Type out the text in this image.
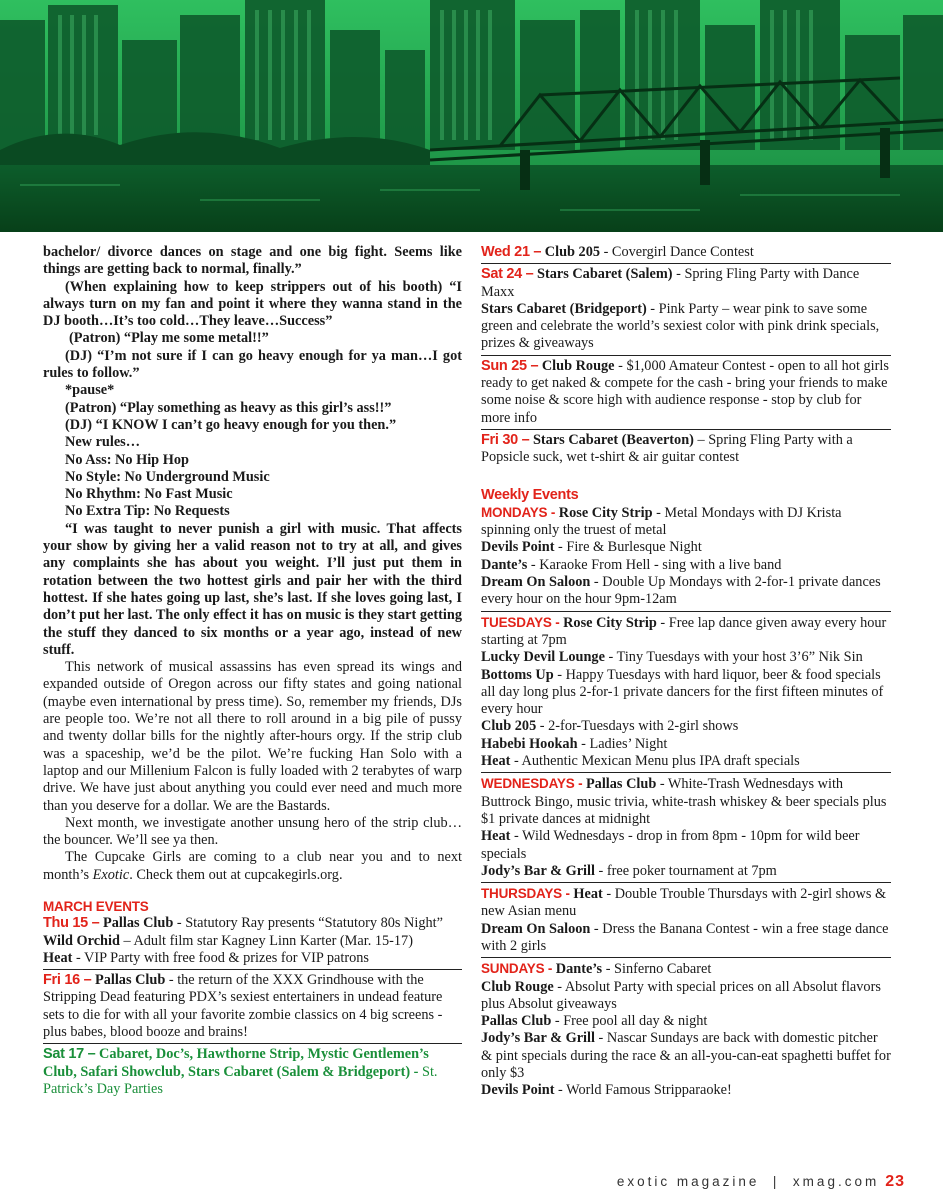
bachelor/ divorce dances on stage and one big fight. Seems like things are getting back to normal, finally.”

(When explaining how to keep strippers out of his booth) “I always turn on my fan and point it where they wanna stand in the DJ booth…It’s too cold…They leave…Success”

(Patron) “Play me some metal!!”

(DJ) “I’m not sure if I can go heavy enough for ya man…I got rules to follow.”

*pause*

(Patron) “Play something as heavy as this girl’s ass!!”

(DJ) “I KNOW I can’t go heavy enough for you then.”

New rules…

No Ass: No Hip Hop

No Style: No Underground Music

No Rhythm: No Fast Music

No Extra Tip: No Requests

“I was taught to never punish a girl with music. That affects your show by giving her a valid reason not to try at all, and gives any complaints she has about you weight. I’ll just put them in rotation between the two hottest girls and pair her with the third hottest. If she hates going up last, she’s last. If she loves going last, I don’t put her last. The only effect it has on music is they start getting the stuff they danced to six months or a year ago, instead of new stuff.

This network of musical assassins has even spread its wings and expanded outside of Oregon across our fifty states and going national (maybe even international by press time). So, remember my friends, DJs are people too. We’re not all there to roll around in a big pile of pussy and twenty dollar bills for the nightly after-hours orgy. If the strip club was a spaceship, we’d be the pilot. We’re fucking Han Solo with a laptop and our Millenium Falcon is fully loaded with 2 terabytes of warp drive. We have just about anything you could ever need and much more than you deserve for a dollar. We are the Bastards.

Next month, we investigate another unsung hero of the strip club…the bouncer. We’ll see ya then.

The Cupcake Girls are coming to a club near you and to next month’s Exotic. Check them out at cupcakegirls.org.

MARCH EVENTS

Thu 15 – Pallas Club - Statutory Ray presents “Statutory 80s Night”

Wild Orchid – Adult film star Kagney Linn Karter (Mar. 15-17)

Heat - VIP Party with free food & prizes for VIP patrons

Fri 16 – Pallas Club - the return of the XXX Grindhouse with the Stripping Dead featuring PDX’s sexiest entertainers in undead feature sets to die for with all your favorite zombie classics on 4 big screens - plus babes, blood booze and brains!

Sat 17 – Cabaret, Doc’s, Hawthorne Strip, Mystic Gentlemen’s Club, Safari Showclub, Stars Cabaret (Salem & Bridgeport) - St. Patrick’s Day Parties

Wed 21 – Club 205 - Covergirl Dance Contest

Sat 24 – Stars Cabaret (Salem) - Spring Fling Party with Dance Maxx

Stars Cabaret (Bridgeport) - Pink Party – wear pink to save some green and celebrate the world’s sexiest color with pink drink specials, prizes & giveaways

Sun 25 – Club Rouge - $1,000 Amateur Contest - open to all hot girls ready to get naked & compete for the cash - bring your friends to make some noise & score high with audience response - stop by club for more info

Fri 30 – Stars Cabaret (Beaverton) – Spring Fling Party with a Popsicle suck, wet t-shirt & air guitar contest

Weekly Events

MONDAYS - Rose City Strip - Metal Mondays with DJ Krista spinning only the truest of metal

Devils Point - Fire & Burlesque Night

Dante’s - Karaoke From Hell - sing with a live band

Dream On Saloon - Double Up Mondays with 2-for-1 private dances every hour on the hour 9pm-12am

TUESDAYS - Rose City Strip - Free lap dance given away every hour starting at 7pm

Lucky Devil Lounge - Tiny Tuesdays with your host 3’6” Nik Sin

Bottoms Up - Happy Tuesdays with hard liquor, beer & food specials all day long plus 2-for-1 private dancers for the first fifteen minutes of every hour

Club 205 - 2-for-Tuesdays with 2-girl shows

Habebi Hookah - Ladies’ Night

Heat - Authentic Mexican Menu plus IPA draft specials

WEDNESDAYS - Pallas Club - White-Trash Wednesdays with Buttrock Bingo, music trivia, white-trash whiskey & beer specials plus $1 private dances at midnight

Heat - Wild Wednesdays - drop in from 8pm - 10pm for wild beer specials

Jody’s Bar & Grill - free poker tournament at 7pm

THURSDAYS - Heat - Double Trouble Thursdays with 2-girl shows & new Asian menu

Dream On Saloon - Dress the Banana Contest - win a free stage dance with 2 girls

SUNDAYS - Dante’s - Sinferno Cabaret

Club Rouge - Absolut Party with special prices on all Absolut flavors plus Absolut giveaways

Pallas Club - Free pool all day & night

Jody’s Bar & Grill - Nascar Sundays are back with domestic pitcher & pint specials during the race & an all-you-can-eat spaghetti buffet for only $3

Devils Point - World Famous Stripparaoke!

exotic magazine  |  xmag.com 23
